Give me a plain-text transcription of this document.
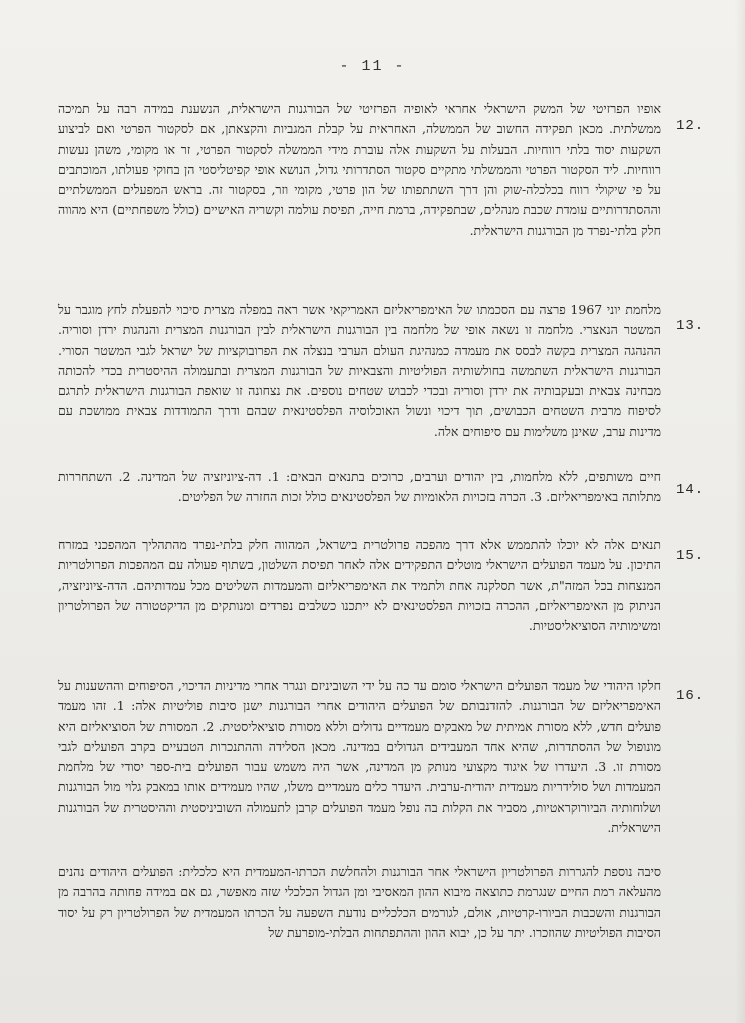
- 11 -
12.
אופיו הפרזיטי של המשק הישראלי אחראי לאופיה הפרזיטי של הבורגנות הישראלית, הנשענת במידה רבה על תמיכה ממשלתית. מכאן תפקידה החשוב של הממשלה, האחראית על קבלת המגביות והקצאתן, אם לסקטור הפרטי ואם לביצוע השקעות יסוד בלתי רווחיות. הבעלות על השקעות אלה עוברת מידי הממשלה לסקטור הפרטי, זר או מקומי, משהן נעשות רווחיות. ליד הסקטור הפרטי והממשלתי מתקיים סקטור הסתדרותי גדול, הנושא אופי קפיטליסטי הן בחוקי פעולתו, המוכתבים על פי שיקולי רווח בכלכלה-שוק והן דרך השתתפותו של הון פרטי, מקומי וזר, בסקטור זה. בראש המפעלים הממשלתיים וההסתדרותיים עומדת שכבת מנהלים, שבתפקידה, ברמת חייה, תפיסת עולמה וקשריה האישיים (כולל משפחתיים) היא מהווה חלק בלתי-נפרד מן הבורגנות הישראלית.
13.
מלחמת יוני 1967 פרצה עם הסכמתו של האימפריאליזם האמריקאי אשר ראה במפלה מצרית סיכוי להפעלת לחץ מוגבר על המשטר הנאצרי. מלחמה זו נשאה אופי של מלחמה בין הבורגנות הישראלית לבין הבורגנות המצרית והנהגות ירדן וסוריה. ההנהגה המצרית בקשה לבסס את מעמדה כמנהיגת העולם הערבי בנצלה את הפרובוקציות של ישראל לגבי המשטר הסורי. הבורגנות הישראלית השתמשה בחולשותיה הפוליטיות והצבאיות של הבורגנות המצרית ובתעמולה ההיסטרית בכדי להכותה מבחינה צבאית ובעקבותיה את ירדן וסוריה ובכדי לכבוש שטחים נוספים. את נצחונה זו שואפת הבורגנות הישראלית לתרגם לסיפוח מרבית השטחים הכבושים, תוך דיכוי ונשול האוכלוסיה הפלסטינאית שבהם ודרך התמודדות צבאית ממושכת עם מדינות ערב, שאינן משלימות עם סיפוחים אלה.
14.
חיים משותפים, ללא מלחמות, בין יהודים וערבים, כרוכים בתנאים הבאים: 1. דה-ציוניזציה של המדינה. 2. השתחררות מתלותה באימפריאליזם. 3. הכרה בזכויות הלאומיות של הפלסטינאים כולל זכות החזרה של הפליטים.
15.
תנאים אלה לא יוכלו להתממש אלא דרך מהפכה פרולטרית בישראל, המהווה חלק בלתי-נפרד מהתהליך המהפכני במזרח התיכון. על מעמד הפועלים הישראלי מוטלים התפקידים אלה לאחר תפיסת השלטון, בשתוף פעולה עם המהפכות הפרולטריות המנצחות בכל המזה"ת, אשר תסלקנה אחת ולתמיד את האימפריאליזם והמעמדות השליטים מכל עמדותיהם. הדה-ציוניזציה, הניתוק מן האימפריאליזם, ההכרה בזכויות הפלסטינאים לא ייתכנו כשלבים נפרדים ומנותקים מן הדיקטטורה של הפרולטריון ומשימותיה הסוציאליסטיות.
16.
חלקו היהודי של מעמד הפועלים הישראלי סומם עד כה על ידי השוביניזם ונגרר אחרי מדיניות הדיכוי, הסיפוחים וההשענות על האימפריאליזם של הבורגנות. להזדנבותם של הפועלים היהודים אחרי הבורגנות ישנן סיבות פוליטיות אלה: 1. זהו מעמד פועלים חדש, ללא מסורת אמיתית של מאבקים מעמדיים גדולים וללא מסורת סוציאליסטית. 2. המסורת של הסוציאליזם היא מונופול של ההסתדרות, שהיא אחד המעבידים הגדולים במדינה. מכאן הסלידה וההתנכרות הטבעיים בקרב הפועלים לגבי מסורת זו. 3. היעדרו של איגוד מקצועי מנותק מן המדינה, אשר היה משמש עבור הפועלים בית-ספר יסודי של מלחמת המעמדות ושל סולידריות מעמדית יהודית-ערבית. היעדר כלים מעמדיים משלו, שהיו מעמידים אותו במאבק גלוי מול הבורגנות ושלוחותיה הביורוקראטיות, מסביר את הקלות בה נופל מעמד הפועלים קרבן לתעמולה השוביניסטית וההיסטרית של הבורגנות הישראלית.
סיבה נוספת להגררות הפרולטריון הישראלי אחר הבורגנות ולהחלשת הכרתו-המעמדית היא כלכלית: הפועלים היהודים נהנים מהעלאה רמת החיים שנגרמת כתוצאה מיבוא ההון המאסיבי ומן הגדול הכלכלי שזה מאפשר, גם אם במידה פחותה בהרבה מן הבורגנות והשכבות הביורו-קרטיות, אולם, לגורמים הכלכליים נודעת השפעה על הכרתו המעמדית של הפרולטריון רק על יסוד הסיבות הפוליטיות שהוזכרו. יתר על כן, יבוא ההון וההתפתחות הבלתי-מופרעת של
